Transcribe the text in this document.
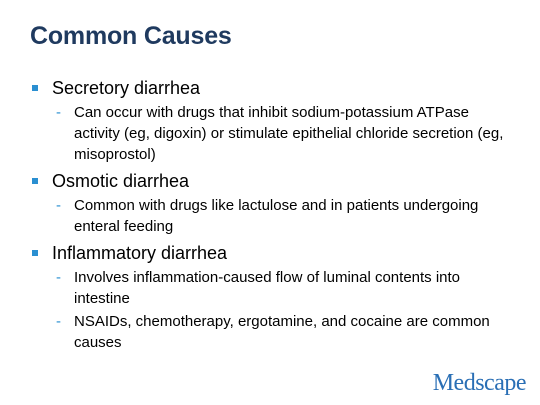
Common Causes
Secretory diarrhea
- Can occur with drugs that inhibit sodium-potassium ATPase activity (eg, digoxin) or stimulate epithelial chloride secretion (eg, misoprostol)
Osmotic diarrhea
- Common with drugs like lactulose and in patients undergoing enteral feeding
Inflammatory diarrhea
- Involves inflammation-caused flow of luminal contents into intestine
- NSAIDs, chemotherapy, ergotamine, and cocaine are common causes
Medscape
